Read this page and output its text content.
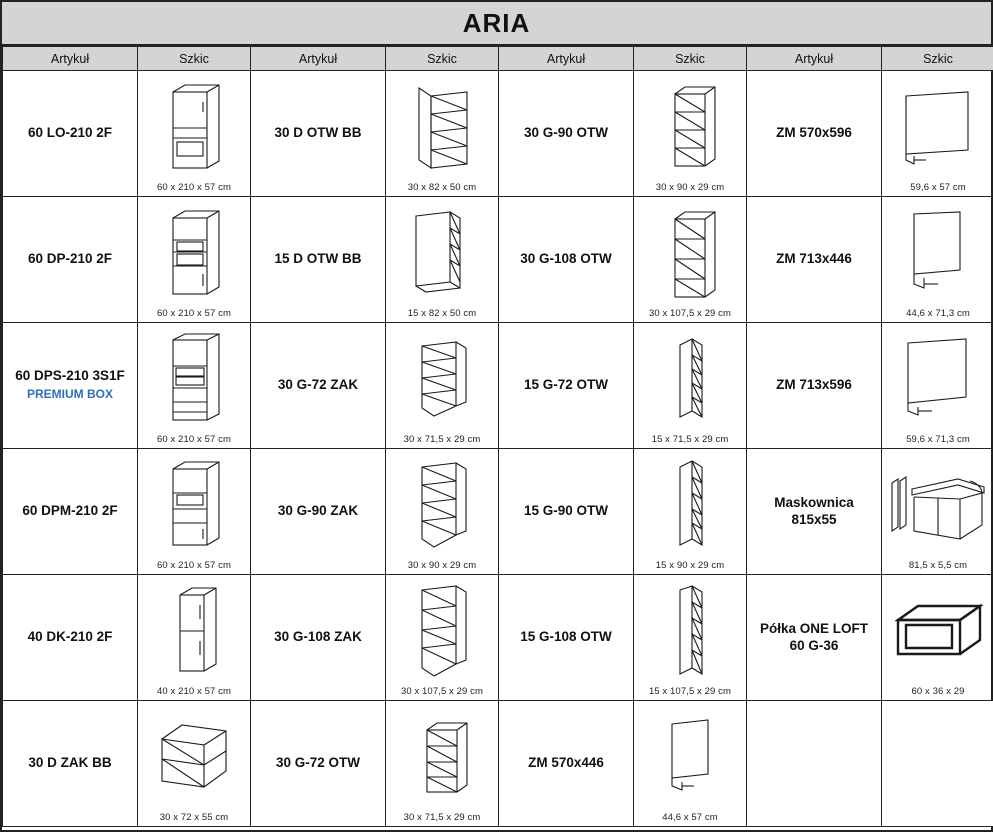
ARIA
Artykuł	Szkic	Artykuł	Szkic	Artykuł	Szkic	Artykuł	Szkic

60 LO-210 2F	60 x 210 x 57 cm	30 D OTW BB	30 x 82 x 50 cm	30 G-90 OTW	30 x 90 x 29 cm	ZM 570x596	59,6 x 57 cm

60 DP-210 2F	60 x 210 x 57 cm	15 D OTW BB	15 x 82 x 50 cm	30 G-108 OTW	30 x 107,5 x 29 cm	ZM 713x446	44,6 x 71,3 cm

60 DPS-210 3S1F
PREMIUM BOX	60 x 210 x 57 cm	30 G-72 ZAK	30 x 71,5 x 29 cm	15 G-72 OTW	15 x 71,5 x 29 cm	ZM 713x596	59,6 x 71,3 cm

60 DPM-210 2F	60 x 210 x 57 cm	30 G-90 ZAK	30 x 90 x 29 cm	15 G-90 OTW	15 x 90 x 29 cm	Maskownica 815x55	81,5 x 5,5 cm

40 DK-210 2F	40 x 210 x 57 cm	30 G-108 ZAK	30 x 107,5 x 29 cm	15 G-108 OTW	15 x 107,5 x 29 cm	Półka ONE LOFT 60 G-36	60 x 36 x 29

30 D ZAK BB	30 x 72 x 55 cm	30 G-72 OTW	30 x 71,5 x 29 cm	ZM 570x446	44,6 x 57 cm		
